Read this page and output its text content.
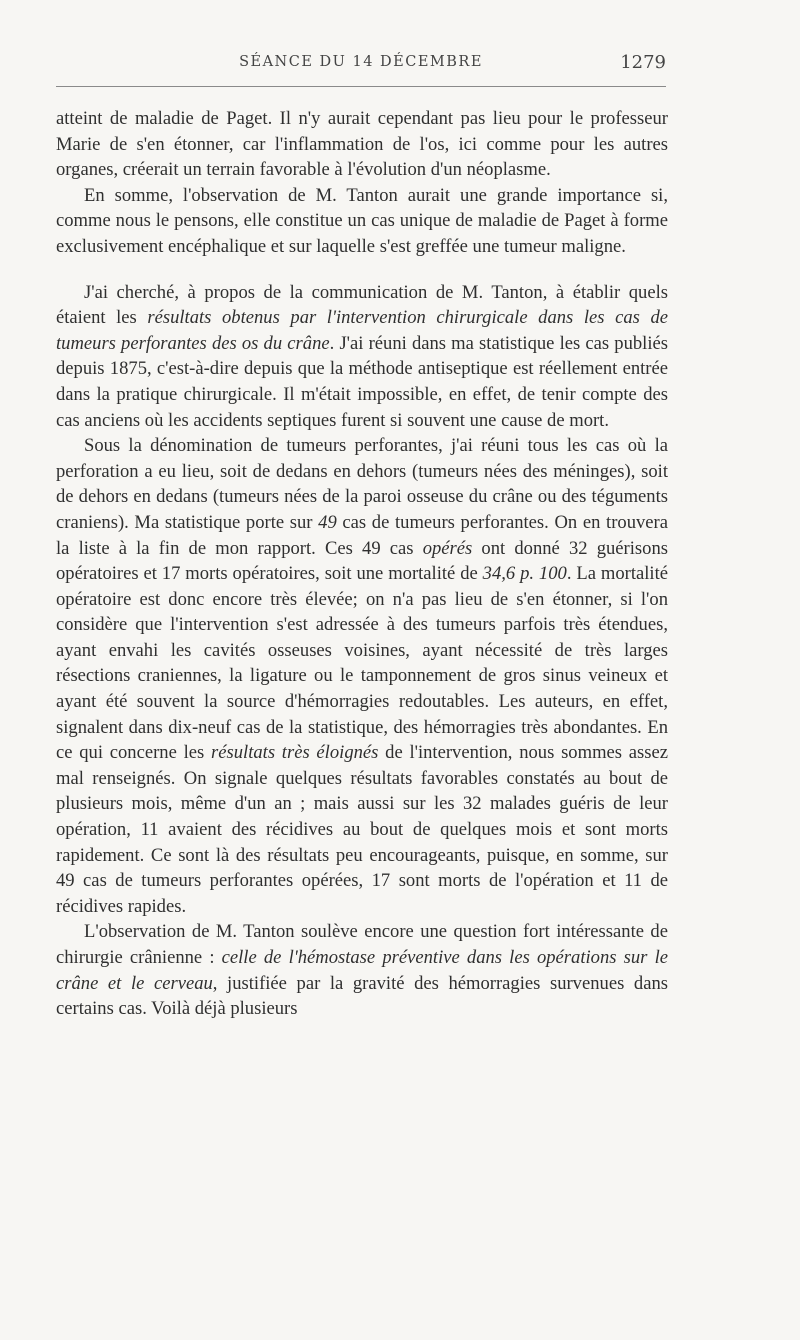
SÉANCE DU 14 DÉCEMBRE	1279

atteint de maladie de Paget. Il n'y aurait cependant pas lieu pour le professeur Marie de s'en étonner, car l'inflammation de l'os, ici comme pour les autres organes, créerait un terrain favorable à l'évolution d'un néoplasme.

En somme, l'observation de M. Tanton aurait une grande importance si, comme nous le pensons, elle constitue un cas unique de maladie de Paget à forme exclusivement encéphalique et sur laquelle s'est greffée une tumeur maligne.

J'ai cherché, à propos de la communication de M. Tanton, à établir quels étaient les résultats obtenus par l'intervention chirurgicale dans les cas de tumeurs perforantes des os du crâne. J'ai réuni dans ma statistique les cas publiés depuis 1875, c'est-à-dire depuis que la méthode antiseptique est réellement entrée dans la pratique chirurgicale. Il m'était impossible, en effet, de tenir compte des cas anciens où les accidents septiques furent si souvent une cause de mort.

Sous la dénomination de tumeurs perforantes, j'ai réuni tous les cas où la perforation a eu lieu, soit de dedans en dehors (tumeurs nées des méninges), soit de dehors en dedans (tumeurs nées de la paroi osseuse du crâne ou des téguments craniens). Ma statistique porte sur 49 cas de tumeurs perforantes. On en trouvera la liste à la fin de mon rapport. Ces 49 cas opérés ont donné 32 guérisons opératoires et 17 morts opératoires, soit une mortalité de 34,6 p. 100. La mortalité opératoire est donc encore très élevée; on n'a pas lieu de s'en étonner, si l'on considère que l'intervention s'est adressée à des tumeurs parfois très étendues, ayant envahi les cavités osseuses voisines, ayant nécessité de très larges résections craniennes, la ligature ou le tamponnement de gros sinus veineux et ayant été souvent la source d'hémorragies redoutables. Les auteurs, en effet, signalent dans dix-neuf cas de la statistique, des hémorragies très abondantes. En ce qui concerne les résultats très éloignés de l'intervention, nous sommes assez mal renseignés. On signale quelques résultats favorables constatés au bout de plusieurs mois, même d'un an ; mais aussi sur les 32 malades guéris de leur opération, 11 avaient des récidives au bout de quelques mois et sont morts rapidement. Ce sont là des résultats peu encourageants, puisque, en somme, sur 49 cas de tumeurs perforantes opérées, 17 sont morts de l'opération et 11 de récidives rapides.

L'observation de M. Tanton soulève encore une question fort intéressante de chirurgie crânienne : celle de l'hémostase préventive dans les opérations sur le crâne et le cerveau, justifiée par la gravité des hémorragies survenues dans certains cas. Voilà déjà plusieurs
